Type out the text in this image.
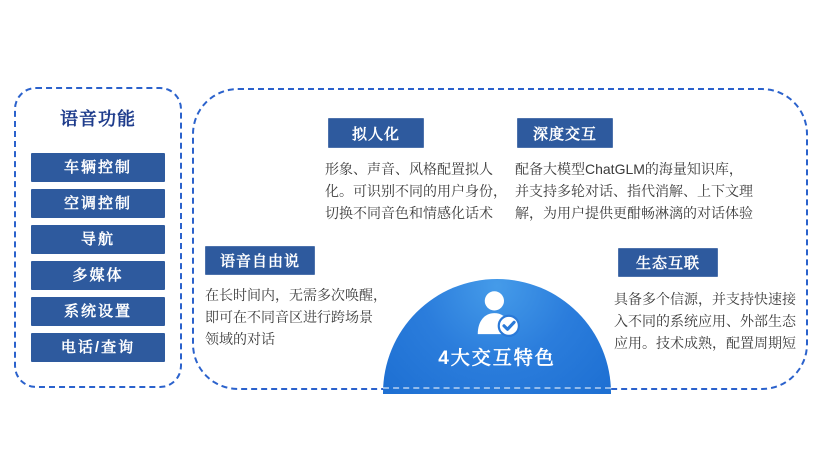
语音功能
车辆控制
空调控制
导航
多媒体
系统设置
电话/查询
拟人化
形象、声音、风格配置拟人
化。可识别不同的用户身份，
切换不同音色和情感化话术
深度交互
配备大模型ChatGLM的海量知识库，
并支持多轮对话、指代消解、上下文理
解，为用户提供更酣畅淋漓的对话体验
语音自由说
在长时间内，无需多次唤醒，
即可在不同音区进行跨场景
领域的对话
生态互联
具备多个信源，并支持快速接
入不同的系统应用、外部生态
应用。技术成熟，配置周期短
4大交互特色
